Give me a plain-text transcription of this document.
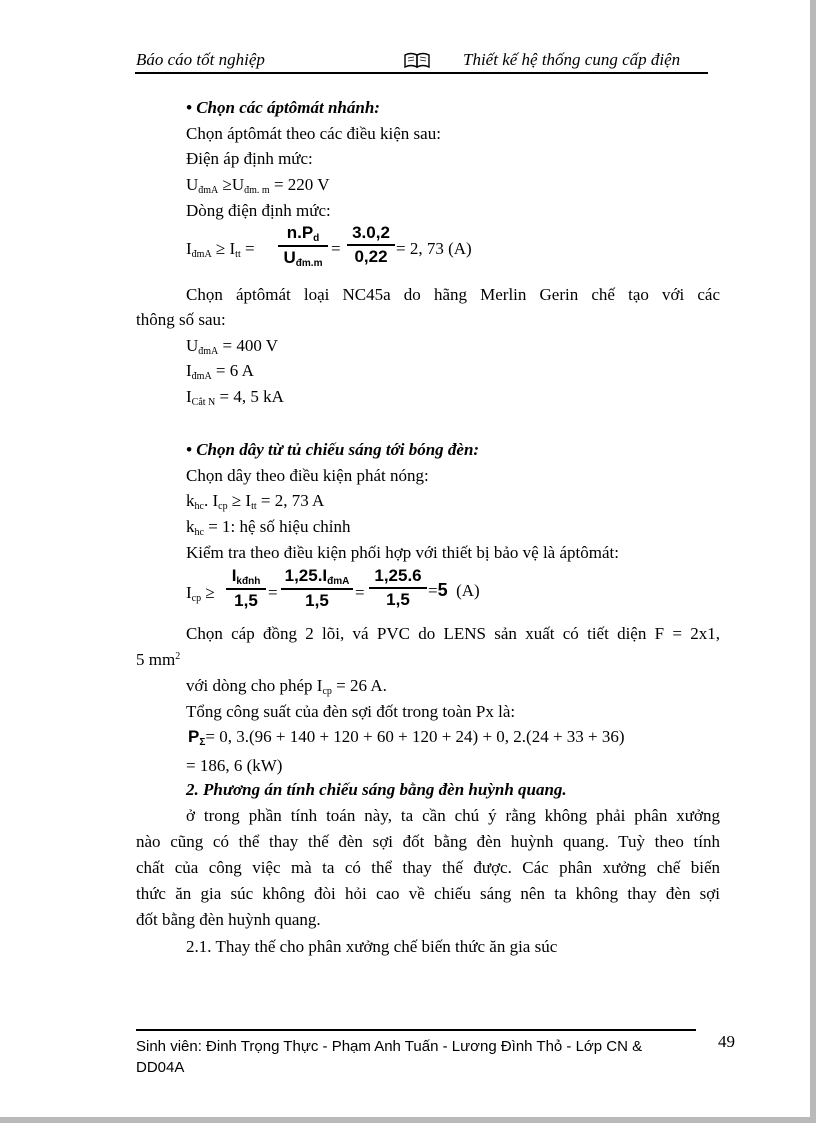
Báo cáo tốt nghiệp	Thiết kế hệ thống cung cấp điện
• Chọn các áptômát nhánh:
Chọn áptômát theo các điều kiện sau:
Điện áp định mức:
$U_{đmA} \ge U_{đm. m} = 220$ V
Dòng điện định mức:
$I_{đmA} \ge I_{tt}$ =
$n.P_d$
$U_{đm.m}$
=
3.0,2
0,22 = 2, 73 (A)
Chọn áptômát loại NC45a do hãng Merlin Gerin chế tạo với các
thông số sau:
$U_{đmA} = 400$ V
$I_{đmA} = 6$ A
$I_{Cắt N} = 4$, 5 kA
• Chọn dây từ tủ chiếu sáng tới bóng đèn:
Chọn dây theo điều kiện phát nóng:
$k_{hc}$. $I_{cp} \ge I_{tt} = 2$, 73 A
$k_{hc} = 1$: hệ số hiệu chỉnh
Kiểm tra theo điều kiện phối hợp với thiết bị bảo vệ là áptômát:
$I_{cp}$ ≥
$I_{kđnh}$
1,5 =
$1,25.I_{đmA}$
1,5	=
1,25.6
1,5	=5 (A)
Chọn cáp đồng 2 lõi, vá PVC do LENS sản xuất có tiết diện F = 2x1,
5 $mm^2$
với dòng cho phép $I_{cp} = 26$ A.
Tổng công suất của đèn sợi đốt trong toàn Px là:
$P_\Sigma= 0$, 3.(96 + 140 + 120 + 60 + 120 + 24) + 0, 2.(24 + 33 + 36)
= 186, 6 (kW)
2. Phương án tính chiếu sáng bằng đèn huỳnh quang.
ở trong phần tính toán này, ta cần chú ý rằng không phải phân xưởng
nào cũng có thể thay thế đèn sợi đốt bằng đèn huỳnh quang. Tuỳ theo tính
chất của công việc mà ta có thể thay thế được. Các phân xưởng chế biến
thức ăn gia súc không đòi hỏi cao về chiếu sáng nên ta không thay đèn sợi
đốt bằng đèn huỳnh quang.
2.1. Thay thế cho phân xưởng chế biến thức ăn gia súc
Sinh viên: Đinh Trọng Thực - Phạm Anh Tuấn - Lương Đình Thỏ - Lớp CN & DD04A
49
